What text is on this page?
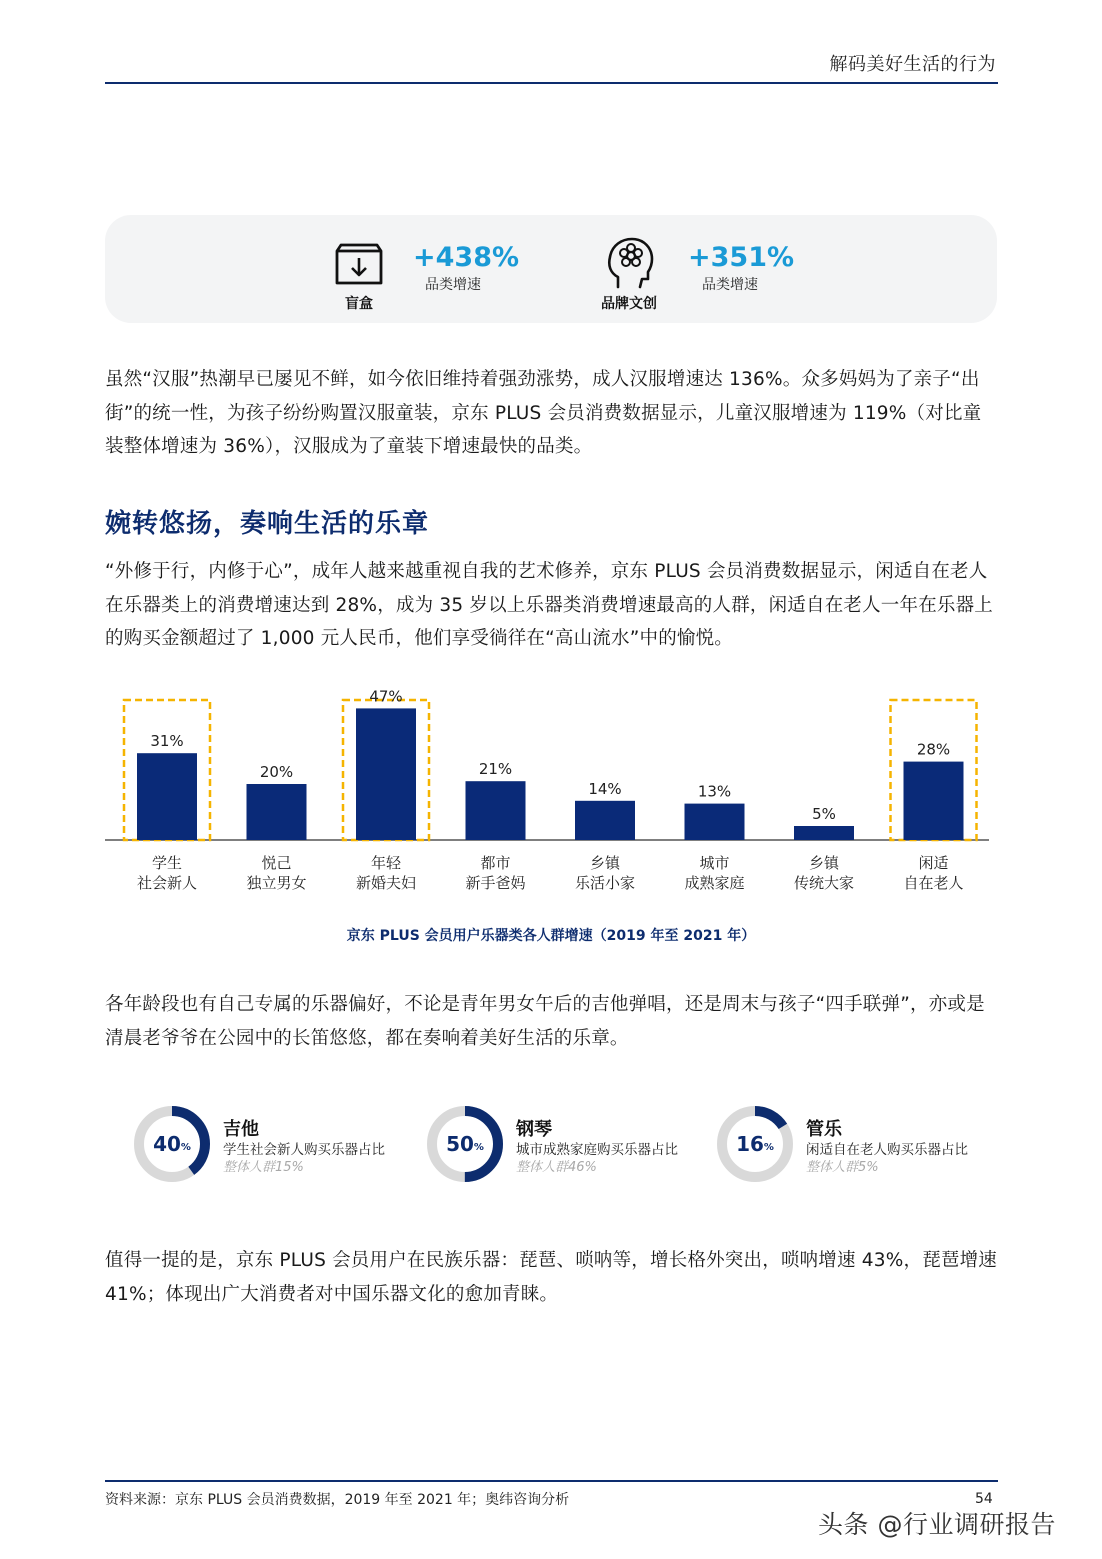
解码美好生活的行为
盲盒
+438%
品类增速
品牌文创
+351%
品类增速
虽然“汉服”热潮早已屡见不鲜，如今依旧维持着强劲涨势，成人汉服增速达 136%。众多妈妈为了亲子“出街”的统一性，为孩子纷纷购置汉服童装，京东 PLUS 会员消费数据显示，儿童汉服增速为 119%（对比童装整体增速为 36%），汉服成为了童装下增速最快的品类。
婉转悠扬，奏响生活的乐章
“外修于行，内修于心”，成年人越来越重视自我的艺术修养，京东 PLUS 会员消费数据显示，闲适自在老人在乐器类上的消费增速达到 28%，成为 35 岁以上乐器类消费增速最高的人群，闲适自在老人一年在乐器上的购买金额超过了 1,000 元人民币，他们享受徜徉在“高山流水”中的愉悦。
31%
学生
社会新人
20%
悦己
独立男女
47%
年轻
新婚夫妇
21%
都市
新手爸妈
14%
乡镇
乐活小家
13%
城市
成熟家庭
5%
乡镇
传统大家
28%
闲适
自在老人
京东 PLUS 会员用户乐器类各人群增速（2019 年至 2021 年）
各年龄段也有自己专属的乐器偏好，不论是青年男女午后的吉他弹唱，还是周末与孩子“四手联弹”，亦或是清晨老爷爷在公园中的长笛悠悠，都在奏响着美好生活的乐章。
40 %
吉他
学生社会新人购买乐器占比
整体人群15%
50 %
钢琴
城市成熟家庭购买乐器占比
整体人群46%
16 %
管乐
闲适自在老人购买乐器占比
整体人群5%
值得一提的是，京东 PLUS 会员用户在民族乐器：琵琶、唢呐等，增长格外突出，唢呐增速 43%，琵琶增速 41%；体现出广大消费者对中国乐器文化的愈加青睐。
资料来源：京东 PLUS 会员消费数据，2019 年至 2021 年；奥纬咨询分析	54
头条 @行业调研报告
